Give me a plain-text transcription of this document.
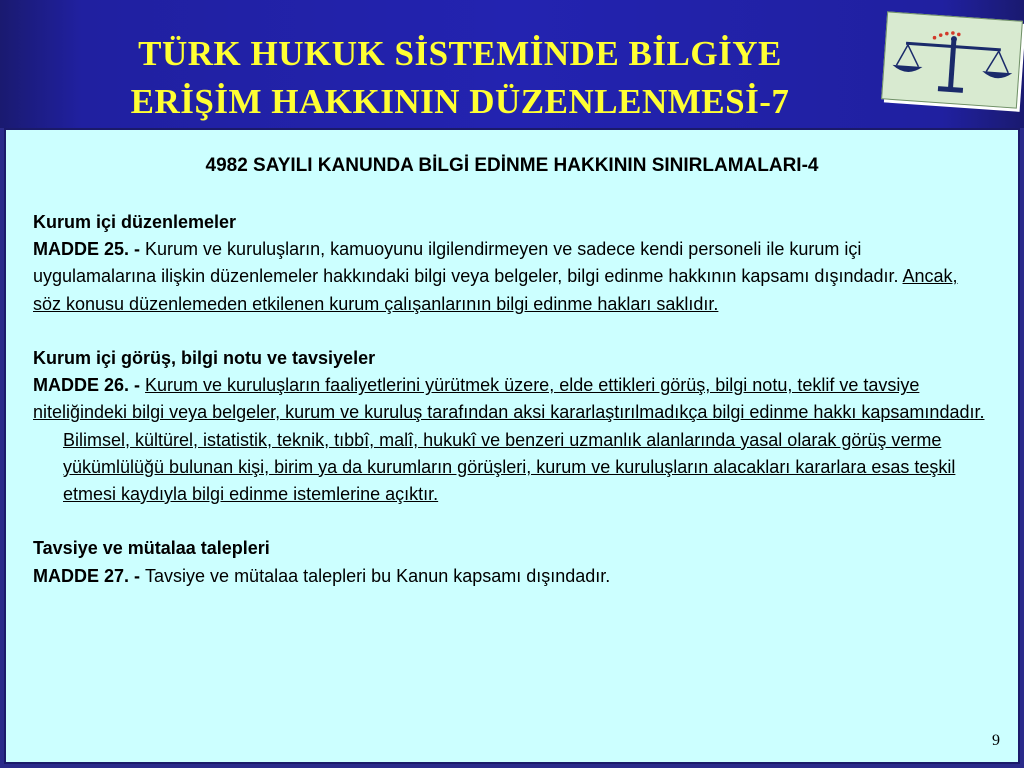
TÜRK HUKUK SİSTEMİNDE BİLGİYE
ERİŞİM HAKKININ DÜZENLENMESİ-7
4982 SAYILI KANUNDA BİLGİ EDİNME HAKKININ SINIRLAMALARI-4

Kurum içi düzenlemeler

MADDE 25. - Kurum ve kuruluşların, kamuoyunu ilgilendirmeyen ve sadece kendi personeli ile kurum içi uygulamalarına ilişkin düzenlemeler hakkındaki bilgi veya belgeler, bilgi edinme hakkının kapsamı dışındadır. Ancak, söz konusu düzenlemeden etkilenen kurum çalışanlarının bilgi edinme hakları saklıdır.

Kurum içi görüş, bilgi notu ve tavsiyeler

MADDE 26. - Kurum ve kuruluşların faaliyetlerini yürütmek üzere, elde ettikleri görüş, bilgi notu, teklif ve tavsiye niteliğindeki bilgi veya belgeler, kurum ve kuruluş tarafından aksi kararlaştırılmadıkça bilgi edinme hakkı kapsamındadır.

Bilimsel, kültürel, istatistik, teknik, tıbbî, malî, hukukî ve benzeri uzmanlık alanlarında yasal olarak görüş verme yükümlülüğü bulunan kişi, birim ya da kurumların görüşleri, kurum ve kuruluşların alacakları kararlara esas teşkil etmesi kaydıyla bilgi edinme istemlerine açıktır.

Tavsiye ve mütalaa talepleri

MADDE 27. - Tavsiye ve mütalaa talepleri bu Kanun kapsamı dışındadır.

9
